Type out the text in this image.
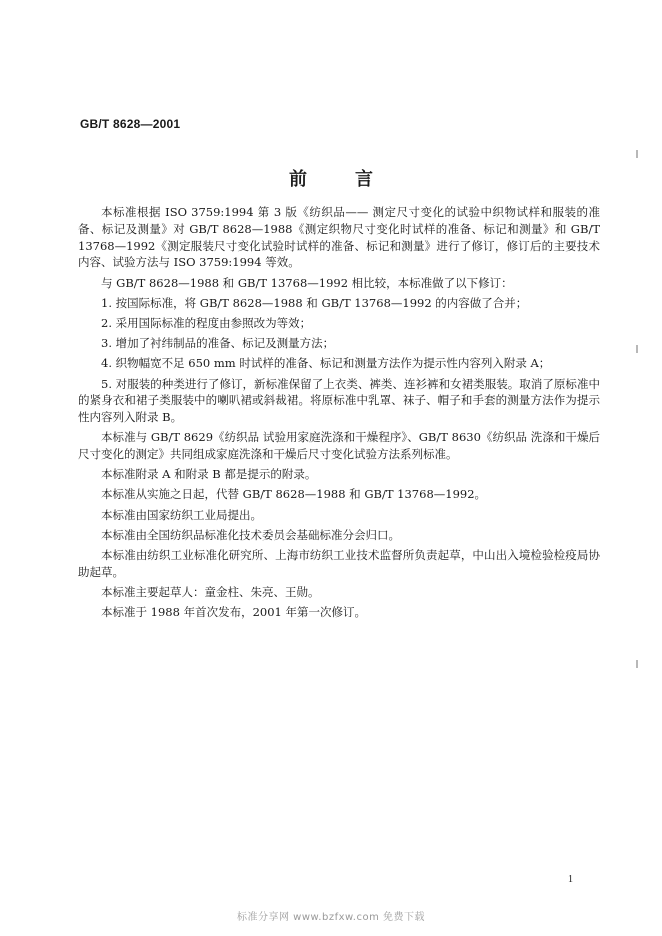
GB/T 8628—2001
前言

本标准根据 ISO 3759:1994 第 3 版《纺织品—— 测定尺寸变化的试验中织物试样和服装的准备、标记及测量》对 GB/T 8628—1988《测定织物尺寸变化时试样的准备、标记和测量》和 GB/T 13768—1992《测定服装尺寸变化试验时试样的准备、标记和测量》进行了修订，修订后的主要技术内容、试验方法与 ISO 3759:1994 等效。

与 GB/T 8628—1988 和 GB/T 13768—1992 相比较，本标准做了以下修订：

1. 按国际标准，将 GB/T 8628—1988 和 GB/T 13768—1992 的内容做了合并；

2. 采用国际标准的程度由参照改为等效；

3. 增加了衬纬制品的准备、标记及测量方法；

4. 织物幅宽不足 650 mm 时试样的准备、标记和测量方法作为提示性内容列入附录 A；

5. 对服装的种类进行了修订，新标准保留了上衣类、裤类、连衫裤和女裙类服装。取消了原标准中的紧身衣和裙子类服装中的喇叭裙或斜裁裙。将原标准中乳罩、袜子、帽子和手套的测量方法作为提示性内容列入附录 B。

本标准与 GB/T 8629《纺织品 试验用家庭洗涤和干燥程序》、GB/T 8630《纺织品 洗涤和干燥后尺寸变化的测定》共同组成家庭洗涤和干燥后尺寸变化试验方法系列标准。

本标准附录 A 和附录 B 都是提示的附录。

本标准从实施之日起，代替 GB/T 8628—1988 和 GB/T 13768—1992。

本标准由国家纺织工业局提出。

本标准由全国纺织品标准化技术委员会基础标准分会归口。

本标准由纺织工业标准化研究所、上海市纺织工业技术监督所负责起草，中山出入境检验检疫局协助起草。

本标准主要起草人：童金柱、朱亮、王勋。

本标准于 1988 年首次发布，2001 年第一次修订。

1
标准分享网 www.bzfxw.com 免费下载
